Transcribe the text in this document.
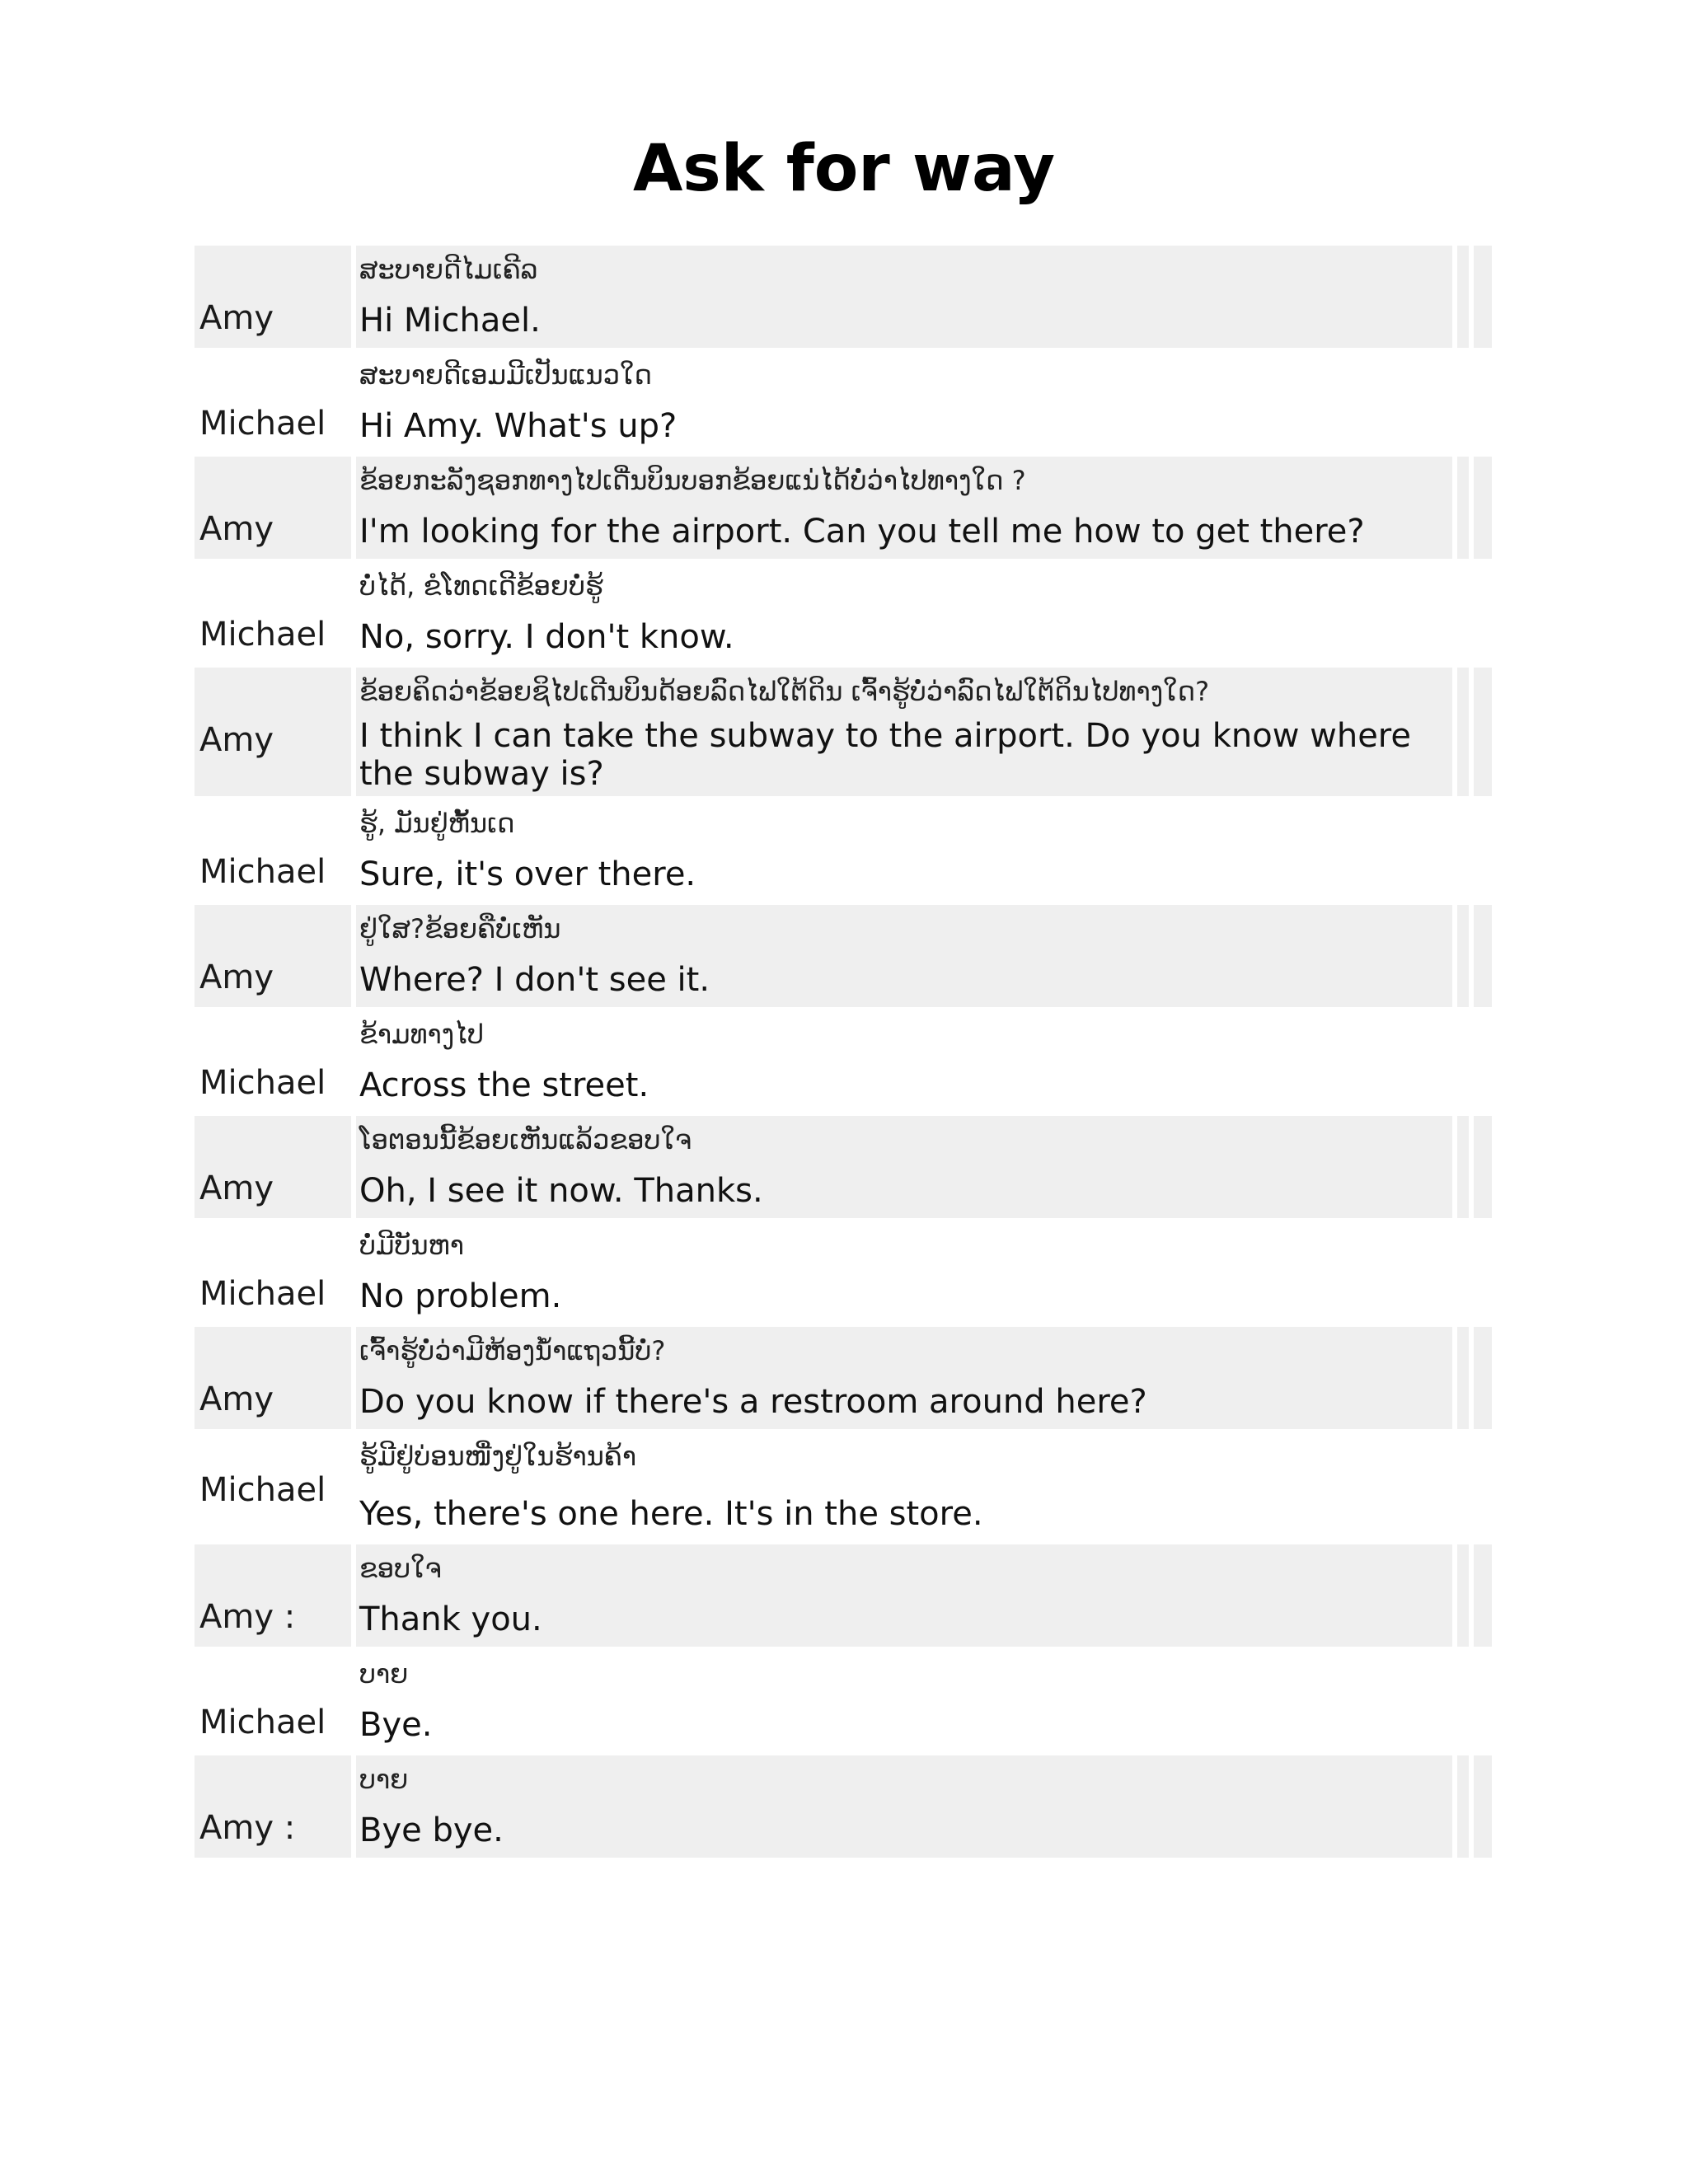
Ask for way
Amy
ສະບາຍດີໄມເຄີລ
Hi Michael.
Michael
ສະບາຍດີເອມມີເປັນແນວໃດ
Hi Amy. What's up?
Amy
ຂ້ອຍກະລັງຊອກທາງໄປເດີ່ນບິນບອກຂ້ອຍແນ່ໄດ້ບໍ່ວ່າໄປທາງໃດ ?
I'm looking for the airport. Can you tell me how to get there?
Michael
ບໍ່ໄດ້, ຂໍໂທດເດີຂ້ອຍບໍ່ຮູ້
No, sorry. I don't know.
Amy
ຂ້ອຍຄິດວ່າຂ້ອຍຊິໄປເດີນບິນດ້ອຍລົດໄຟໃຕ້ດິນ ເຈົ້າຮູ້ບໍ່ວ່າລົດໄຟໃຕ້ດິນໄປທາງໃດ?
I think I can take the subway to the airport. Do you know where the subway is?
Michael
ຮູ້, ມັນຢູ່ຫັ້ນເດ
Sure, it's over there.
Amy
ຢູ່ໃສ?ຂ້ອຍຄືບໍ່ເຫັນ
Where? I don't see it.
Michael
ຂ້າມທາງໄປ
Across the street.
Amy
ໂອຕອນນີ້ຂ້ອຍເຫັນແລ້ວຂອບໃຈ
Oh, I see it now. Thanks.
Michael
ບໍ່ມີບັນຫາ
No problem.
Amy
ເຈົ້າຮູ້ບໍ່ວ່າມີຫ້ອງນໍ້າແຖວນີ້ບໍ່?
Do you know if there's a restroom around here?
Michael
ຮູ້ມີຢູ່ບ່ອນໜື່ງຢູ່ໃນຮ້ານຄ້າ
Yes, there's one here. It's in the store.
Amy :
ຂອບໃຈ
Thank you.
Michael
ບາຍ
Bye.
Amy :
ບາຍ
Bye bye.
